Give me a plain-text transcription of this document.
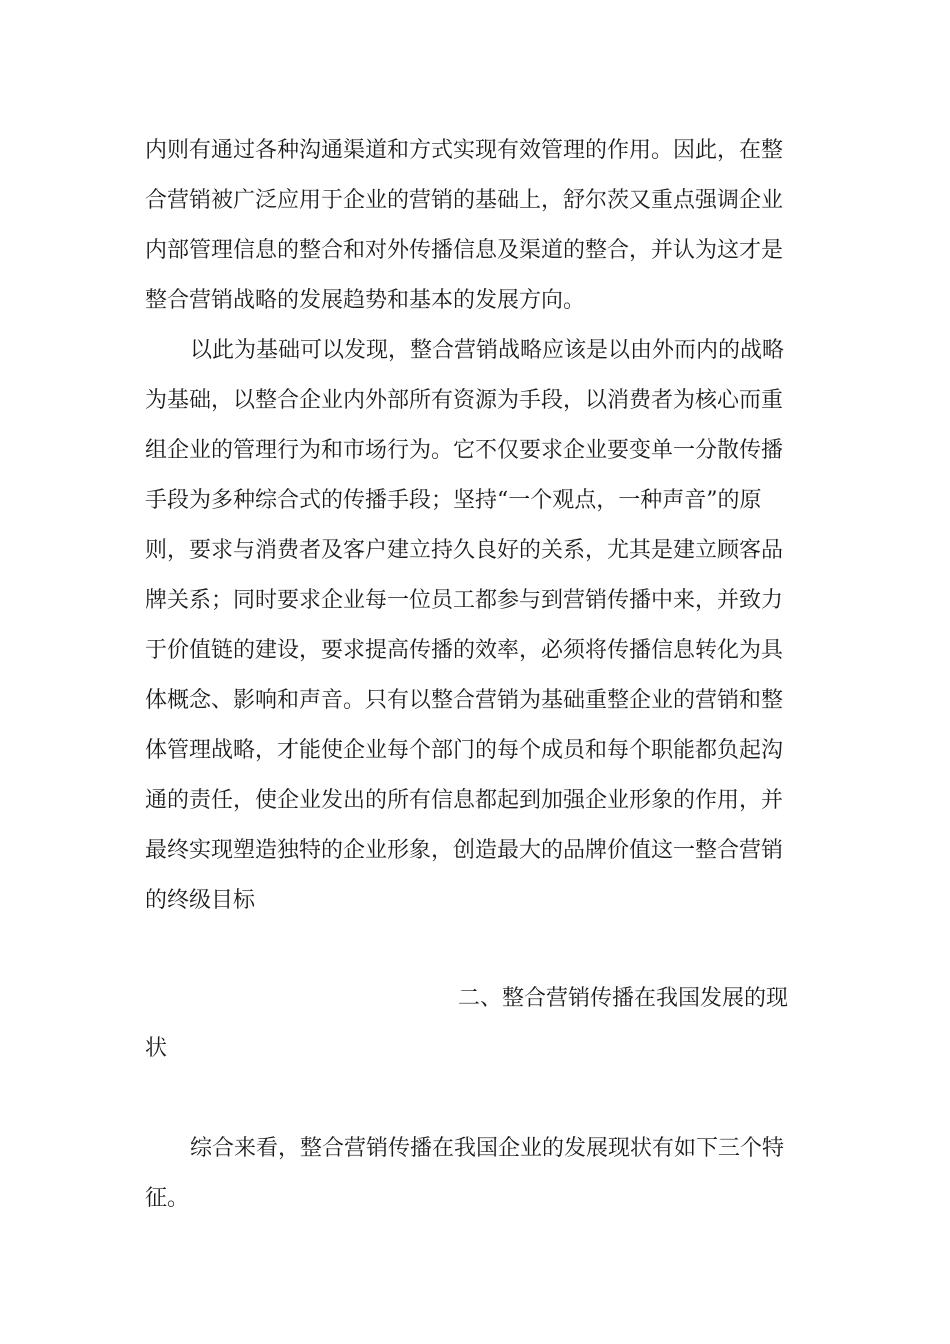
内则有通过各种沟通渠道和方式实现有效管理的作用。因此，在整
合营销被广泛应用于企业的营销的基础上，舒尔茨又重点强调企业
内部管理信息的整合和对外传播信息及渠道的整合，并认为这才是
整合营销战略的发展趋势和基本的发展方向。
以此为基础可以发现，整合营销战略应该是以由外而内的战略
为基础，以整合企业内外部所有资源为手段，以消费者为核心而重
组企业的管理行为和市场行为。它不仅要求企业要变单一分散传播
手段为多种综合式的传播手段；坚持“一个观点，一种声音”的原
则，要求与消费者及客户建立持久良好的关系，尤其是建立顾客品
牌关系；同时要求企业每一位员工都参与到营销传播中来，并致力
于价值链的建设，要求提高传播的效率，必须将传播信息转化为具
体概念、影响和声音。只有以整合营销为基础重整企业的营销和整
体管理战略，才能使企业每个部门的每个成员和每个职能都负起沟
通的责任，使企业发出的所有信息都起到加强企业形象的作用，并
最终实现塑造独特的企业形象，创造最大的品牌价值这一整合营销
的终级目标
二、整合营销传播在我国发展的现
状
综合来看，整合营销传播在我国企业的发展现状有如下三个特
征。
